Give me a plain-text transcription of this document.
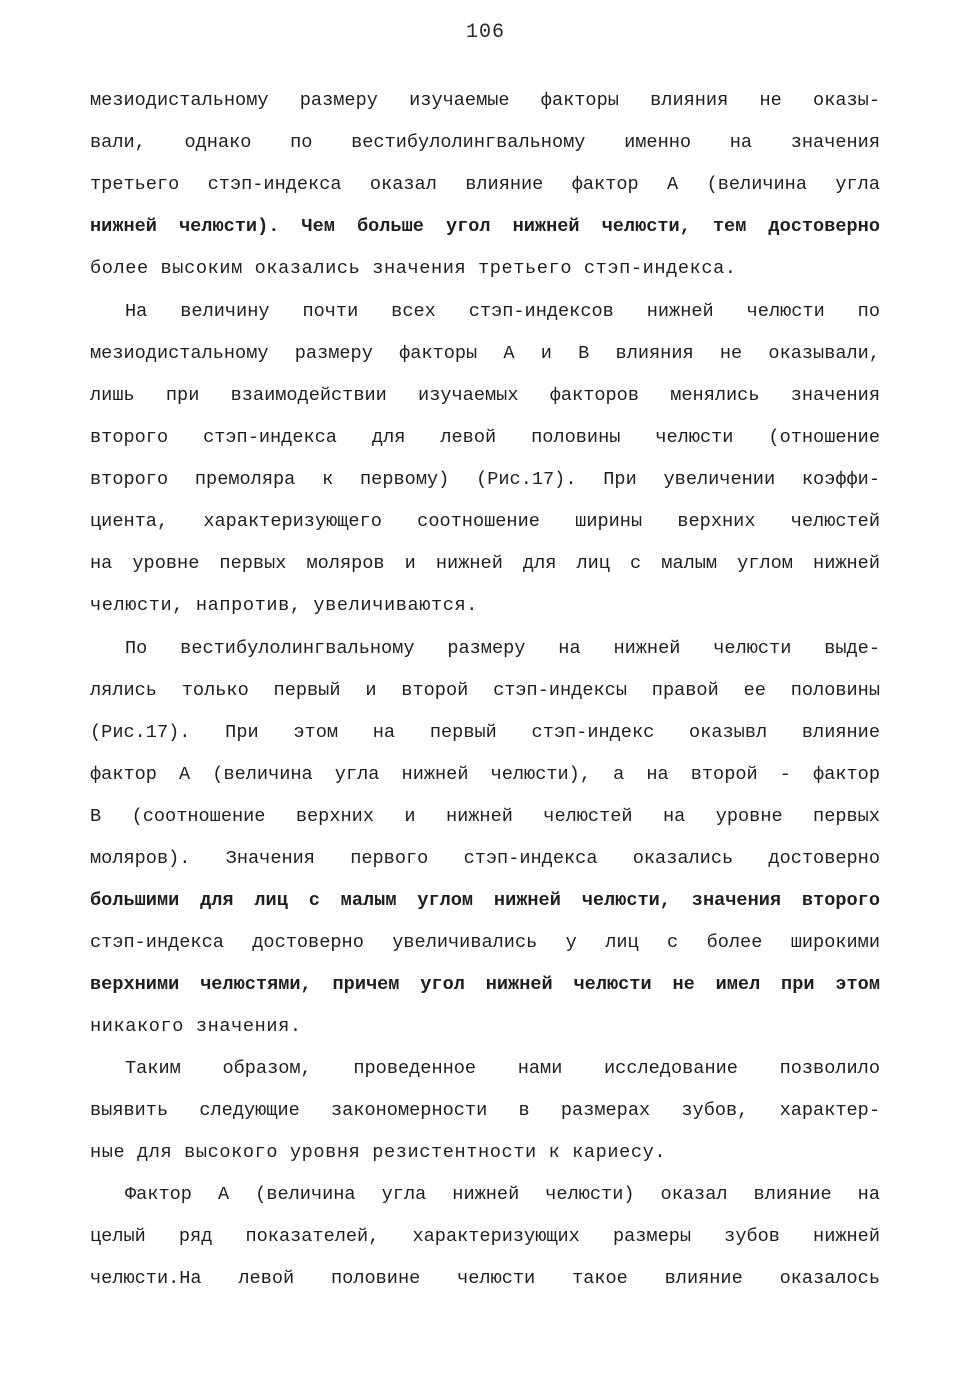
106
мезиодистальному размеру изучаемые факторы влияния не оказы-
вали, однако по вестибулолингвальному именно на значения
третьего стэп-индекса оказал влияние фактор А (величина угла
нижней челюсти). Чем больше угол нижней челюсти, тем достоверно
более высоким оказались значения третьего стэп-индекса.
На величину почти всех стэп-индексов нижней челюсти по
мезиодистальному размеру факторы А и В влияния не оказывали,
лишь при взаимодействии изучаемых факторов менялись значения
второго стэп-индекса для левой половины челюсти (отношение
второго премоляра к первому) (Рис.17). При увеличении коэффи-
циента, характеризующего соотношение ширины верхних челюстей
на уровне первых моляров и нижней для лиц с малым углом нижней
челюсти, напротив, увеличиваются.
По вестибулолингвальному размеру на нижней челюсти выде-
лялись только первый и второй стэп-индексы правой ее половины
(Рис.17). При этом на первый стэп-индекс оказывл влияние
фактор А (величина угла нижней челюсти), а на второй - фактор
В (соотношение верхних и нижней челюстей на уровне первых
моляров). Значения первого стэп-индекса оказались достоверно
большими для лиц с малым углом нижней челюсти, значения второго
стэп-индекса достоверно увеличивались у лиц с более широкими
верхними челюстями, причем угол нижней челюсти не имел при этом
никакого значения.
Таким образом, проведенное нами исследование позволило
выявить следующие закономерности в размерах зубов, характер-
ные для высокого уровня резистентности к кариесу.
Фактор А (величина угла нижней челюсти) оказал влияние на
целый ряд показателей, характеризующих размеры зубов нижней
челюсти.На левой половине челюсти такое влияние оказалось
